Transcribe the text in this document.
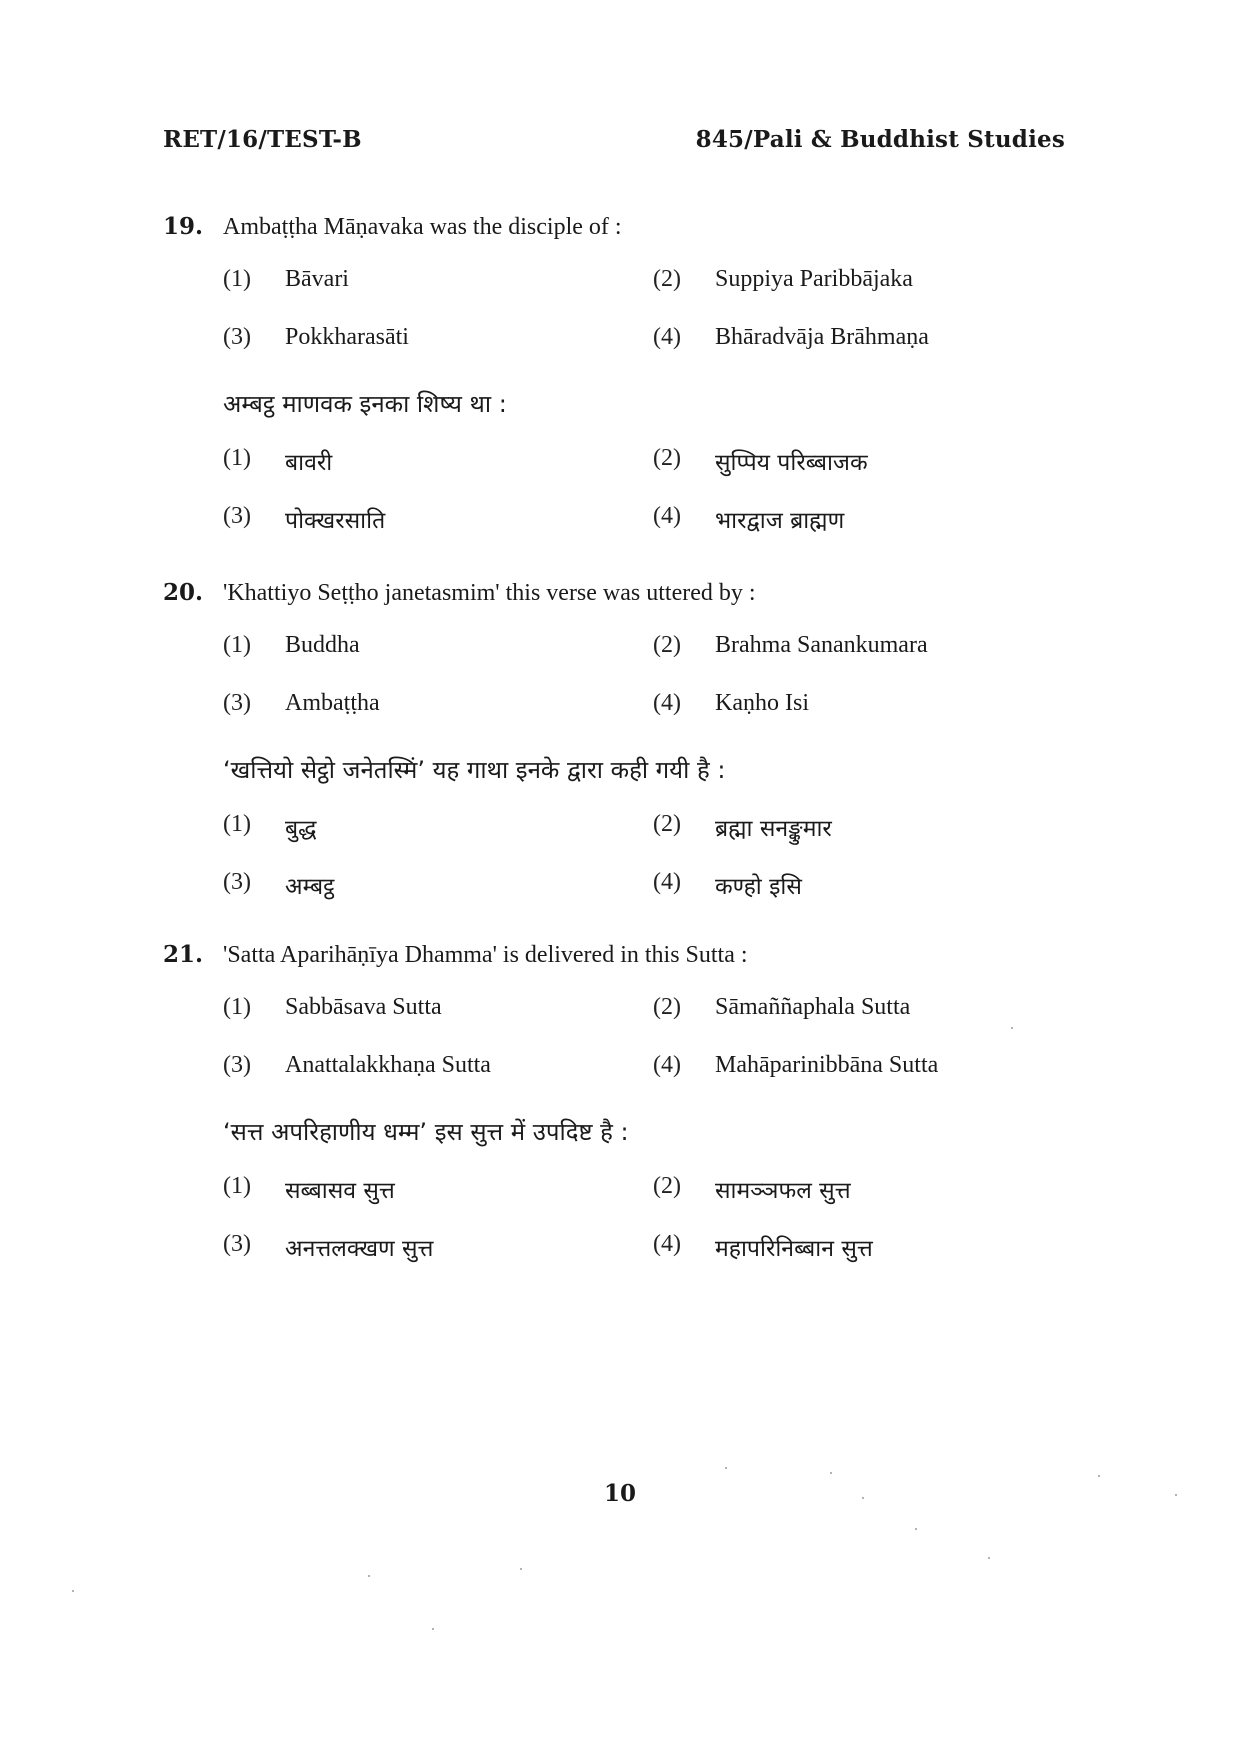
RET/16/TEST-B	845/Pali & Buddhist Studies
19. Ambaṭṭha Māṇavaka was the disciple of :
(1)	Bāvari	(2)	Suppiya Paribbājaka
(3)	Pokkharasāti	(4)	Bhāradvāja Brāhmaṇa
अम्बट्ठ माणवक इनका शिष्य था :
(1)	बावरी	(2)	सुप्पिय परिब्बाजक
(3)	पोक्खरसाति	(4)	भारद्वाज ब्राह्मण
20. 'Khattiyo Seṭṭho janetasmim' this verse was uttered by :
(1)	Buddha	(2)	Brahma Sanankumara
(3)	Ambaṭṭha	(4)	Kaṇho Isi
‘खत्तियो सेट्ठो जनेतस्मिं’ यह गाथा इनके द्वारा कही गयी है :
(1)	बुद्ध	(2)	ब्रह्मा सनङ्कुमार
(3)	अम्बट्ठ	(4)	कण्हो इसि
21. 'Satta Aparihāṇīya Dhamma' is delivered in this Sutta :
(1)	Sabbāsava Sutta	(2)	Sāmaññaphala Sutta
(3)	Anattalakkhaṇa Sutta	(4)	Mahāparinibbāna Sutta
‘सत्त अपरिहाणीय धम्म’ इस सुत्त में उपदिष्ट है :
(1)	सब्बासव सुत्त	(2)	सामञ्ञफल सुत्त
(3)	अनत्तलक्खण सुत्त	(4)	महापरिनिब्बान सुत्त
10
